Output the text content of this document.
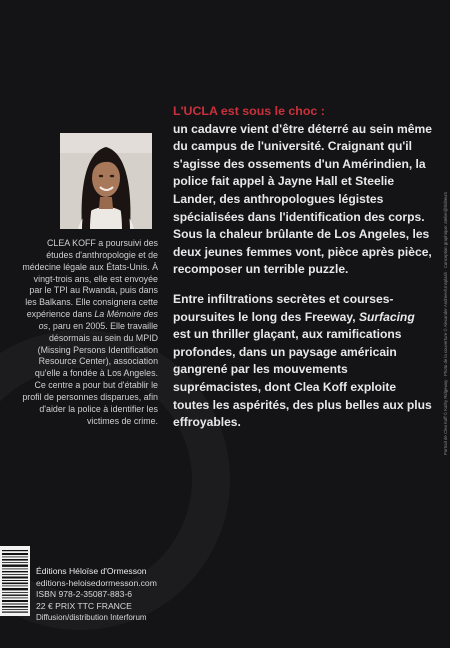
L'UCLA est sous le choc :
un cadavre vient d'être déterré au sein même du campus de l'université. Craignant qu'il s'agisse des ossements d'un Amérindien, la police fait appel à Jayne Hall et Steelie Lander, des anthropologues légistes spécialisées dans l'identification des corps. Sous la chaleur brûlante de Los Angeles, les deux jeunes femmes vont, pièce après pièce, recomposer un terrible puzzle.

Entre infiltrations secrètes et courses-poursuites le long des Freeway, Surfacing est un thriller glaçant, aux ramifications profondes, dans un paysage américain gangrené par les mouvements suprémacistes, dont Clea Koff exploite toutes les aspérités, des plus belles aux plus effroyables.

CLEA KOFF a poursuivi des études d'anthropologie et de médecine légale aux États-Unis. À vingt-trois ans, elle est envoyée par le TPI au Rwanda, puis dans les Balkans. Elle consignera cette expérience dans La Mémoire des os, paru en 2005. Elle travaille désormais au sein du MPID (Missing Persons Identification Resource Center), association qu'elle a fondée à Los Angeles. Ce centre a pour but d'établir le profil de personnes disparues, afin d'aider la police à identifier les victimes de crime.	Portrait de Clea Koff © Kathy Ridgeway · Photo de la couverture © Alexander Andreev/Unsplash · Conception graphique: atelier@Éditeurs
Éditions Héloïse d'Ormesson
editions-heloisedormesson.com
ISBN 978-2-35087-883-6
22 € PRIX TTC FRANCE
Diffusion/distribution Interforum
